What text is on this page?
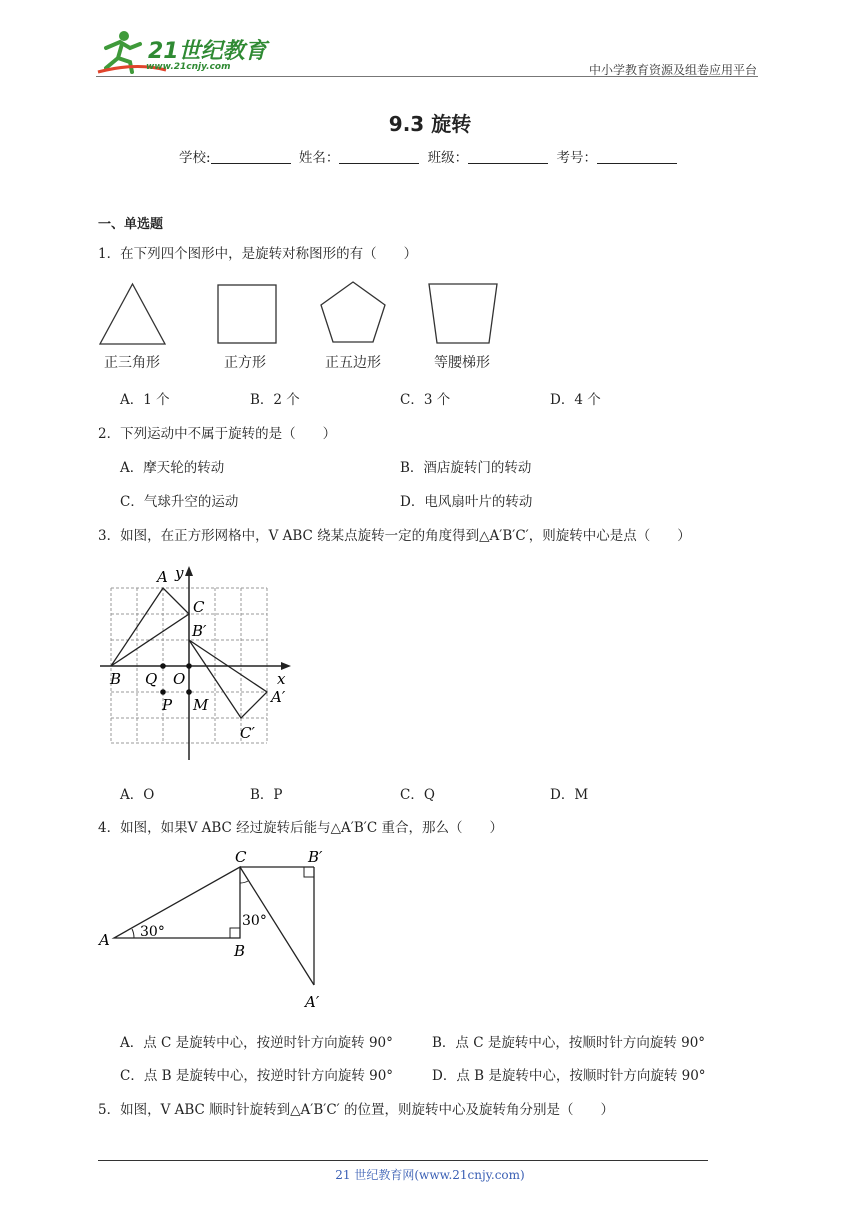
21世纪教育
www.21cnjy.com	中小学教育资源及组卷应用平台
9.3 旋转
学校:	姓名：	班级：	考号：
一、单选题
1．在下列四个图形中，是旋转对称图形的有（　　）
正三角形	正方形	正五边形	等腰梯形
A．1 个	B．2 个	C．3 个	D．4 个
2．下列运动中不属于旋转的是（　　）
A．摩天轮的转动	B．酒店旋转门的转动
C．气球升空的运动	D．电风扇叶片的转动
3．如图，在正方形网格中，V ABC 绕某点旋转一定的角度得到△A′B′C′，则旋转中心是点（　　）
A
C
B′
B Q O	x
y
P M	A′
C′
A．O	B．P	C．Q	D．M
4．如图，如果V ABC 经过旋转后能与△A′B′C 重合，那么（　　）
A
B
C	B′
A′
30°
30°
A．点 C 是旋转中心，按逆时针方向旋转 90°	B．点 C 是旋转中心，按顺时针方向旋转 90°
C．点 B 是旋转中心，按逆时针方向旋转 90°	D．点 B 是旋转中心，按顺时针方向旋转 90°
5．如图，V ABC 顺时针旋转到△A′B′C′ 的位置，则旋转中心及旋转角分别是（　　）
21 世纪教育网(www.21cnjy.com)
